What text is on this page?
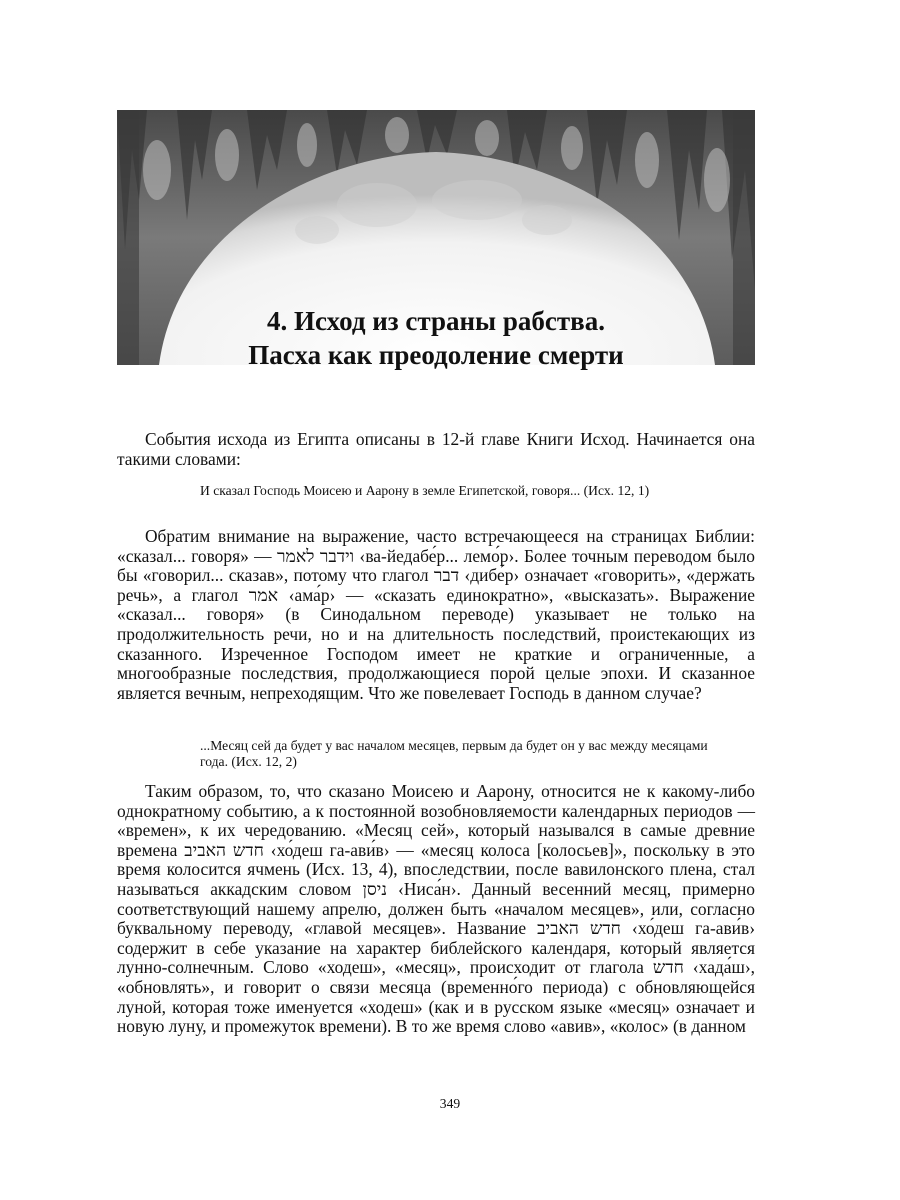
4. Исход из страны рабства.
Пасха как преодоление смерти

События исхода из Египта описаны в 12-й главе Книги Исход. Начинается она такими словами:

И сказал Господь Моисею и Аарону в земле Египетской, говоря... (Исх. 12, 1)

Обратим внимание на выражение, часто встречающееся на страницах Библии: «сказал... говоря» — וידבר לאמר ‹ва-йедабе́р... лемо́р›. Более точным переводом было бы «говорил... сказав», потому что глагол דבר ‹дибе́р› означает «говорить», «держать речь», а глагол אמר ‹ама́р› — «сказать единократно», «высказать». Выражение «сказал... говоря» (в Синодальном переводе) указывает не только на продолжительность речи, но и на длительность последствий, проистекающих из сказанного. Изреченное Господом имеет не краткие и ограниченные, а многообразные последствия, продолжающиеся порой целые эпохи. И сказанное является вечным, непреходящим. Что же повелевает Господь в данном случае?

...Месяц сей да будет у вас началом месяцев, первым да будет он у вас между месяцами года. (Исх. 12, 2)

Таким образом, то, что сказано Моисею и Аарону, относится не к какому-либо однократному событию, а к постоянной возобновляемости календарных периодов — «времен», к их чередованию. «Месяц сей», который назывался в самые древние времена חדש האביב ‹хо́деш га-ави́в› — «месяц колоса [колосьев]», поскольку в это время колосится ячмень (Исх. 13, 4), впоследствии, после вавилонского плена, стал называться аккадским словом ניסן ‹Ниса́н›. Данный весенний месяц, примерно соответствующий нашему апрелю, должен быть «началом месяцев», или, согласно буквальному переводу, «главой месяцев». Название חדש האביב ‹хо́деш га-ави́в› содержит в себе указание на характер библейского календаря, который является лунно-солнечным. Слово «ходеш», «месяц», происходит от глагола חדש ‹хада́ш›, «обновлять», и говорит о связи месяца (временно́го периода) с обновляющейся луной, которая тоже именуется «ходеш» (как и в русском языке «месяц» означает и новую луну, и промежуток времени). В то же время слово «авив», «колос» (в данном

349
